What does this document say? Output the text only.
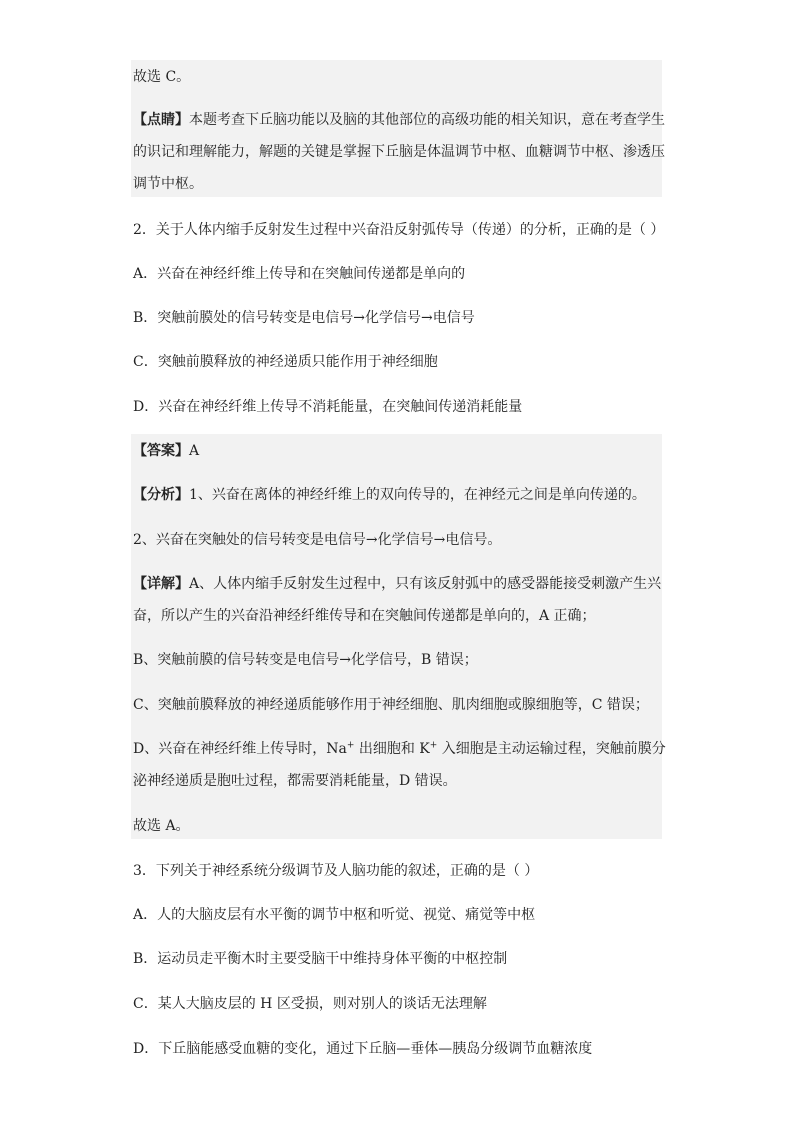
故选 C。
【点睛】本题考查下丘脑功能以及脑的其他部位的高级功能的相关知识，意在考查学生
的识记和理解能力，解题的关键是掌握下丘脑是体温调节中枢、血糖调节中枢、渗透压
调节中枢。
2．关于人体内缩手反射发生过程中兴奋沿反射弧传导（传递）的分析，正确的是（ ）
A．兴奋在神经纤维上传导和在突触间传递都是单向的
B．突触前膜处的信号转变是电信号→化学信号→电信号
C．突触前膜释放的神经递质只能作用于神经细胞
D．兴奋在神经纤维上传导不消耗能量，在突触间传递消耗能量
【答案】A
【分析】1、兴奋在离体的神经纤维上的双向传导的，在神经元之间是单向传递的。
2、兴奋在突触处的信号转变是电信号→化学信号→电信号。
【详解】A、人体内缩手反射发生过程中，只有该反射弧中的感受器能接受刺激产生兴
奋，所以产生的兴奋沿神经纤维传导和在突触间传递都是单向的，A 正确；
B、突触前膜的信号转变是电信号→化学信号，B 错误；
C、突触前膜释放的神经递质能够作用于神经细胞、肌肉细胞或腺细胞等，C 错误；
D、兴奋在神经纤维上传导时，Na+ 出细胞和 K+ 入细胞是主动运输过程，突触前膜分
泌神经递质是胞吐过程，都需要消耗能量，D 错误。
故选 A。
3．下列关于神经系统分级调节及人脑功能的叙述，正确的是（ ）
A．人的大脑皮层有水平衡的调节中枢和听觉、视觉、痛觉等中枢
B．运动员走平衡木时主要受脑干中维持身体平衡的中枢控制
C．某人大脑皮层的 H 区受损，则对别人的谈话无法理解
D．下丘脑能感受血糖的变化，通过下丘脑—垂体—胰岛分级调节血糖浓度
